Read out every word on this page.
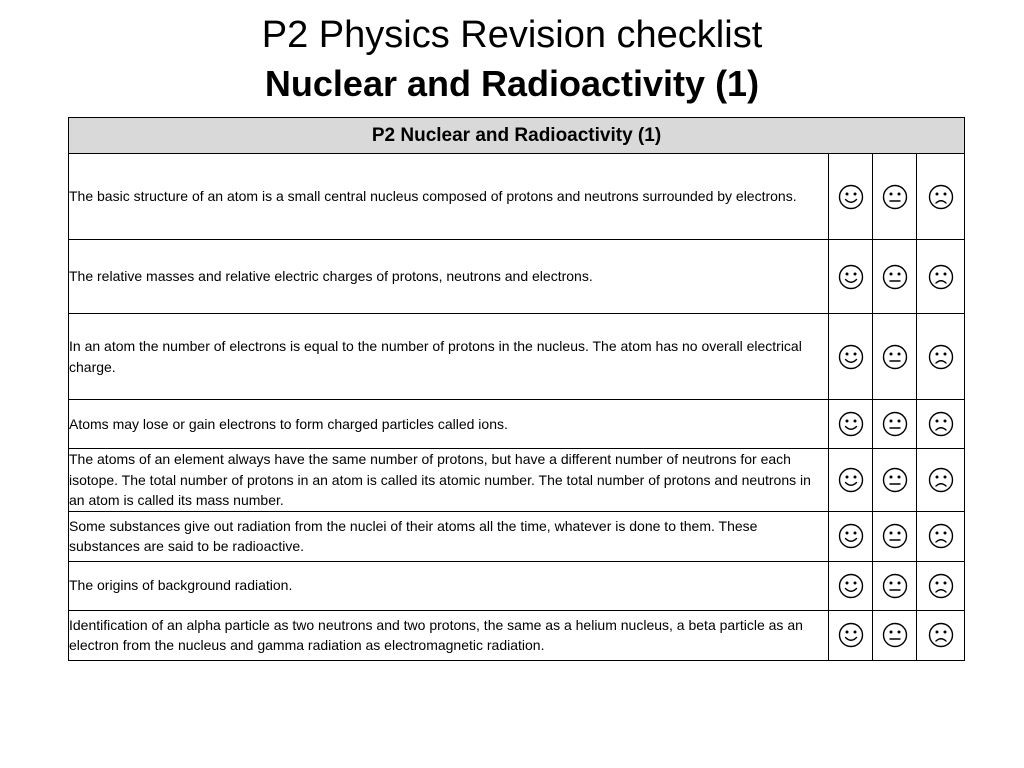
P2 Physics Revision checklist
Nuclear and Radioactivity (1)
P2 Nuclear and Radioactivity (1)			
The basic structure of an atom is a small central nucleus composed of protons and neutrons surrounded by electrons.	

The relative masses and relative electric charges of protons, neutrons and electrons.	

In an atom the number of electrons is equal to the number of protons in the nucleus. The atom has no overall electrical charge.	

Atoms may lose or gain electrons to form charged particles called ions.	

The atoms of an element always have the same number of protons, but have a different number of neutrons for each isotope. The total number of protons in an atom is called its atomic number. The total number of protons and neutrons in an atom is called its mass number.	

Some substances give out radiation from the nuclei of their atoms all the time, whatever is done to them. These substances are said to be radioactive.	

The origins of background radiation.	

Identification of an alpha particle as two neutrons and two protons, the same as a helium nucleus, a beta particle as an electron from the nucleus and gamma radiation as electromagnetic radiation.	
